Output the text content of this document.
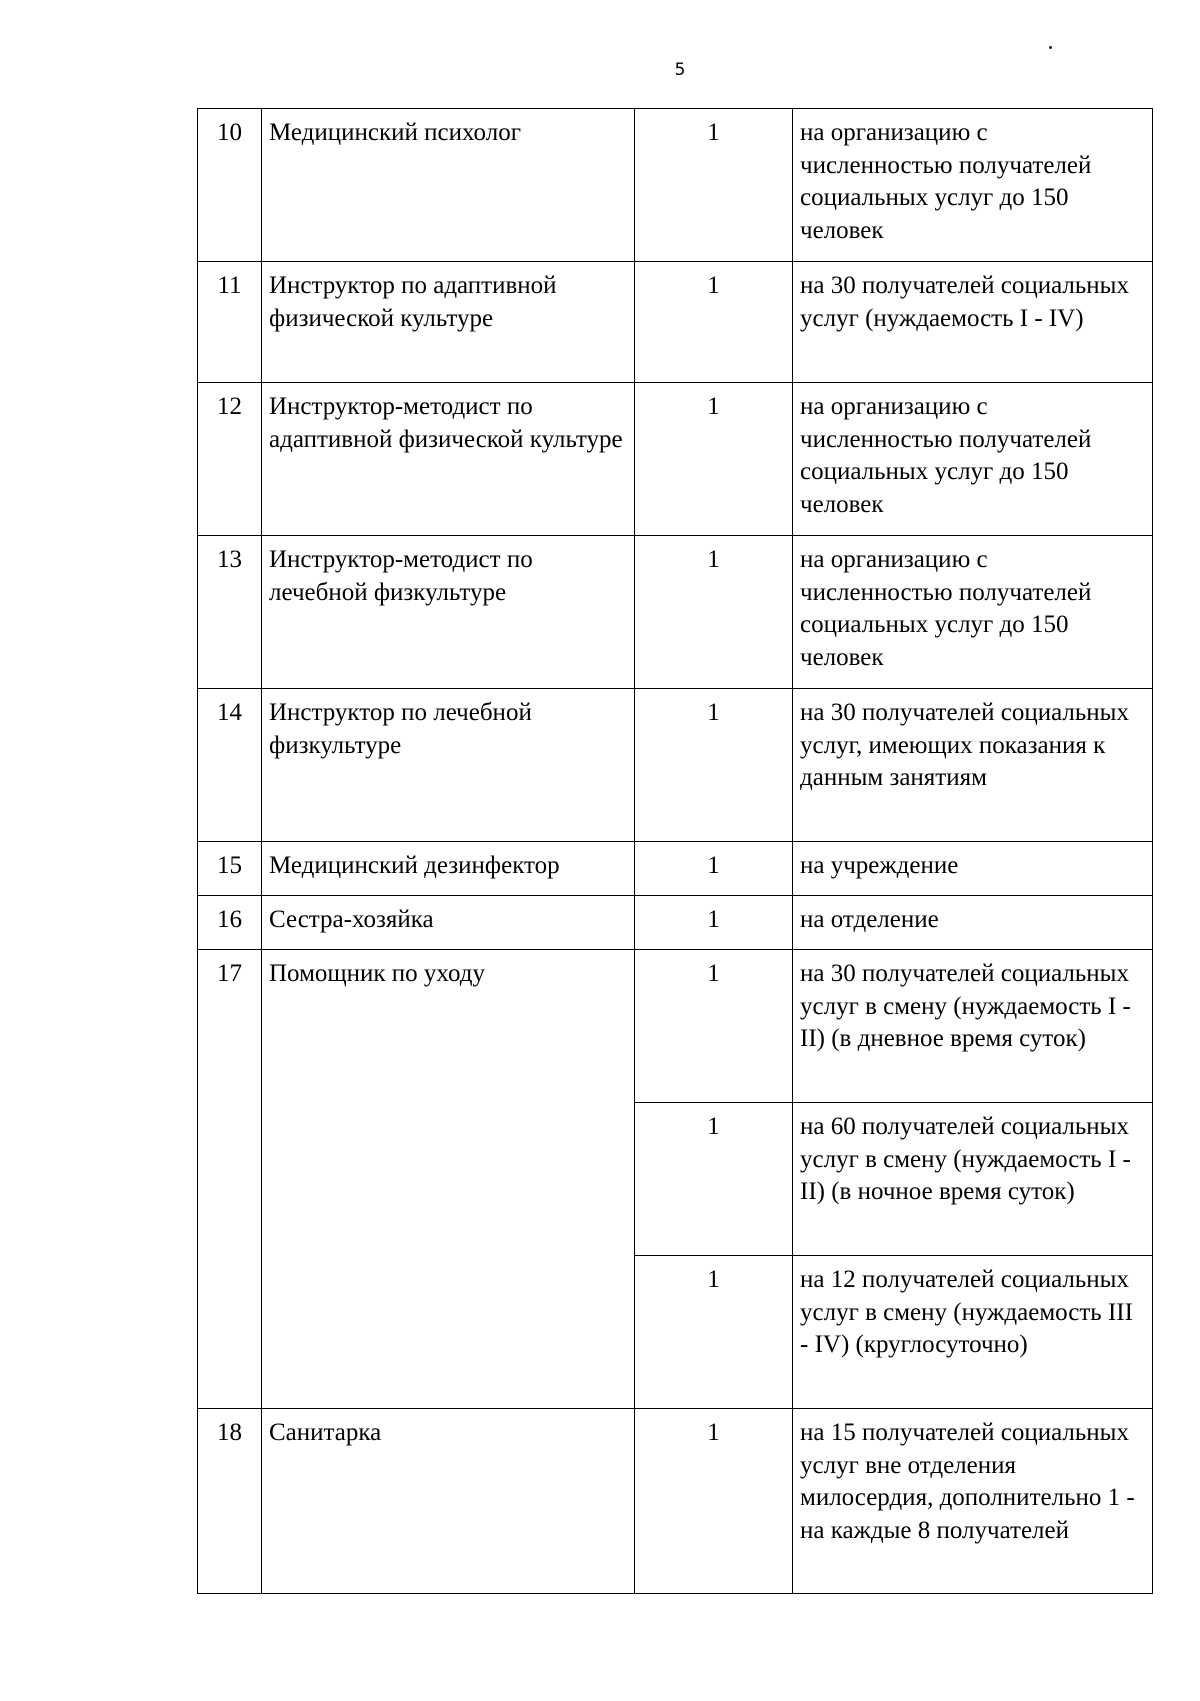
5
10	Медицинский психолог	1	на организацию с численностью получателей социальных услуг до 150 человек
11	Инструктор по адаптивной физической культуре	1	на 30 получателей социальных услуг (нуждаемость I - IV)
12	Инструктор-методист по адаптивной физической культуре	1	на организацию с численностью получателей социальных услуг до 150 человек
13	Инструктор-методист по лечебной физкультуре	1	на организацию с численностью получателей социальных услуг до 150 человек
14	Инструктор по лечебной физкультуре	1	на 30 получателей социальных услуг, имеющих показания к данным занятиям
15	Медицинский дезинфектор	1	на учреждение
16	Сестра-хозяйка	1	на отделение
17	Помощник по уходу	1	на 30 получателей социальных услуг в смену (нуждаемость I - II) (в дневное время суток)
		1	на 60 получателей социальных услуг в смену (нуждаемость I - II) (в ночное время суток)
		1	на 12 получателей социальных услуг в смену (нуждаемость III - IV) (круглосуточно)
18	Санитарка	1	на 15 получателей социальных услуг вне отделения милосердия, дополнительно 1 - на каждые 8 получателей
